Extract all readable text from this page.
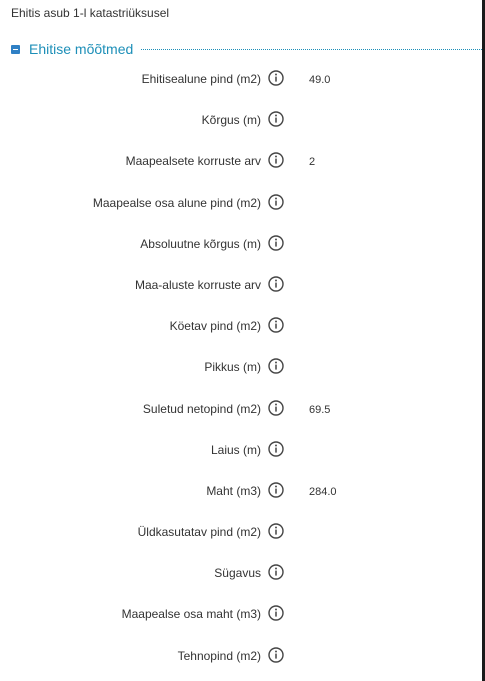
Ehitis asub 1-l katastriüksusel
Ehitise mõõtmed
Ehitisealune pind (m2)	49.0
Kõrgus (m)
Maapealsete korruste arv	2
Maapealse osa alune pind (m2)
Absoluutne kõrgus (m)
Maa-aluste korruste arv
Köetav pind (m2)
Pikkus (m)
Suletud netopind (m2)	69.5
Laius (m)
Maht (m3)	284.0
Üldkasutatav pind (m2)
Sügavus
Maapealse osa maht (m3)
Tehnopind (m2)
